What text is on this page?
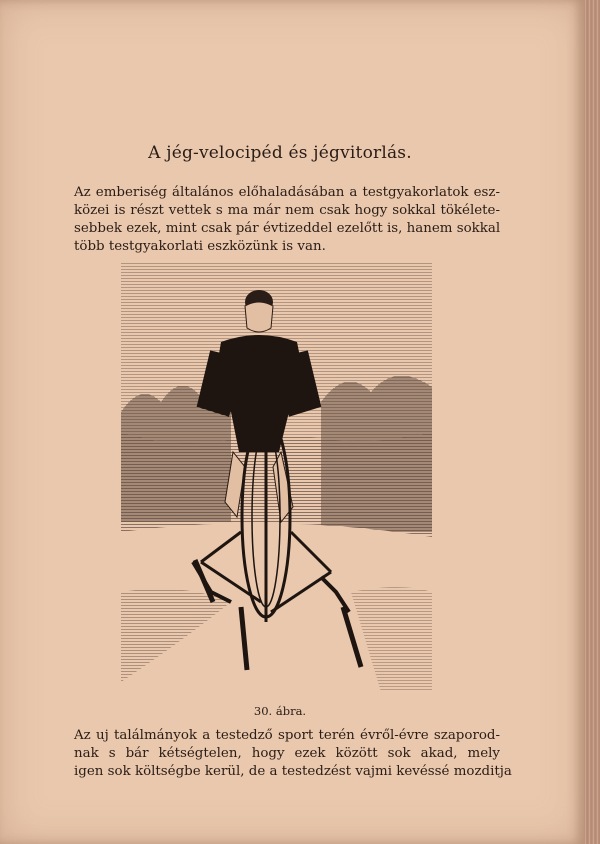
A jég-velocipéd és jégvitorlás.

Az emberiség általános előhaladásában a testgyakorlatok esz-
közei is részt vettek s ma már nem csak hogy sokkal tökélete-
sebbek ezek, mint csak pár évtizeddel ezelőtt is, hanem sokkal
több testgyakorlati eszközünk is van.

30. ábra.

Az uj találmányok a testedző sport terén évről-évre szaporod-
nak s bár kétségtelen, hogy ezek között sok akad, mely
igen sok költségbe kerül, de a testedzést vajmi kevéssé mozditja
